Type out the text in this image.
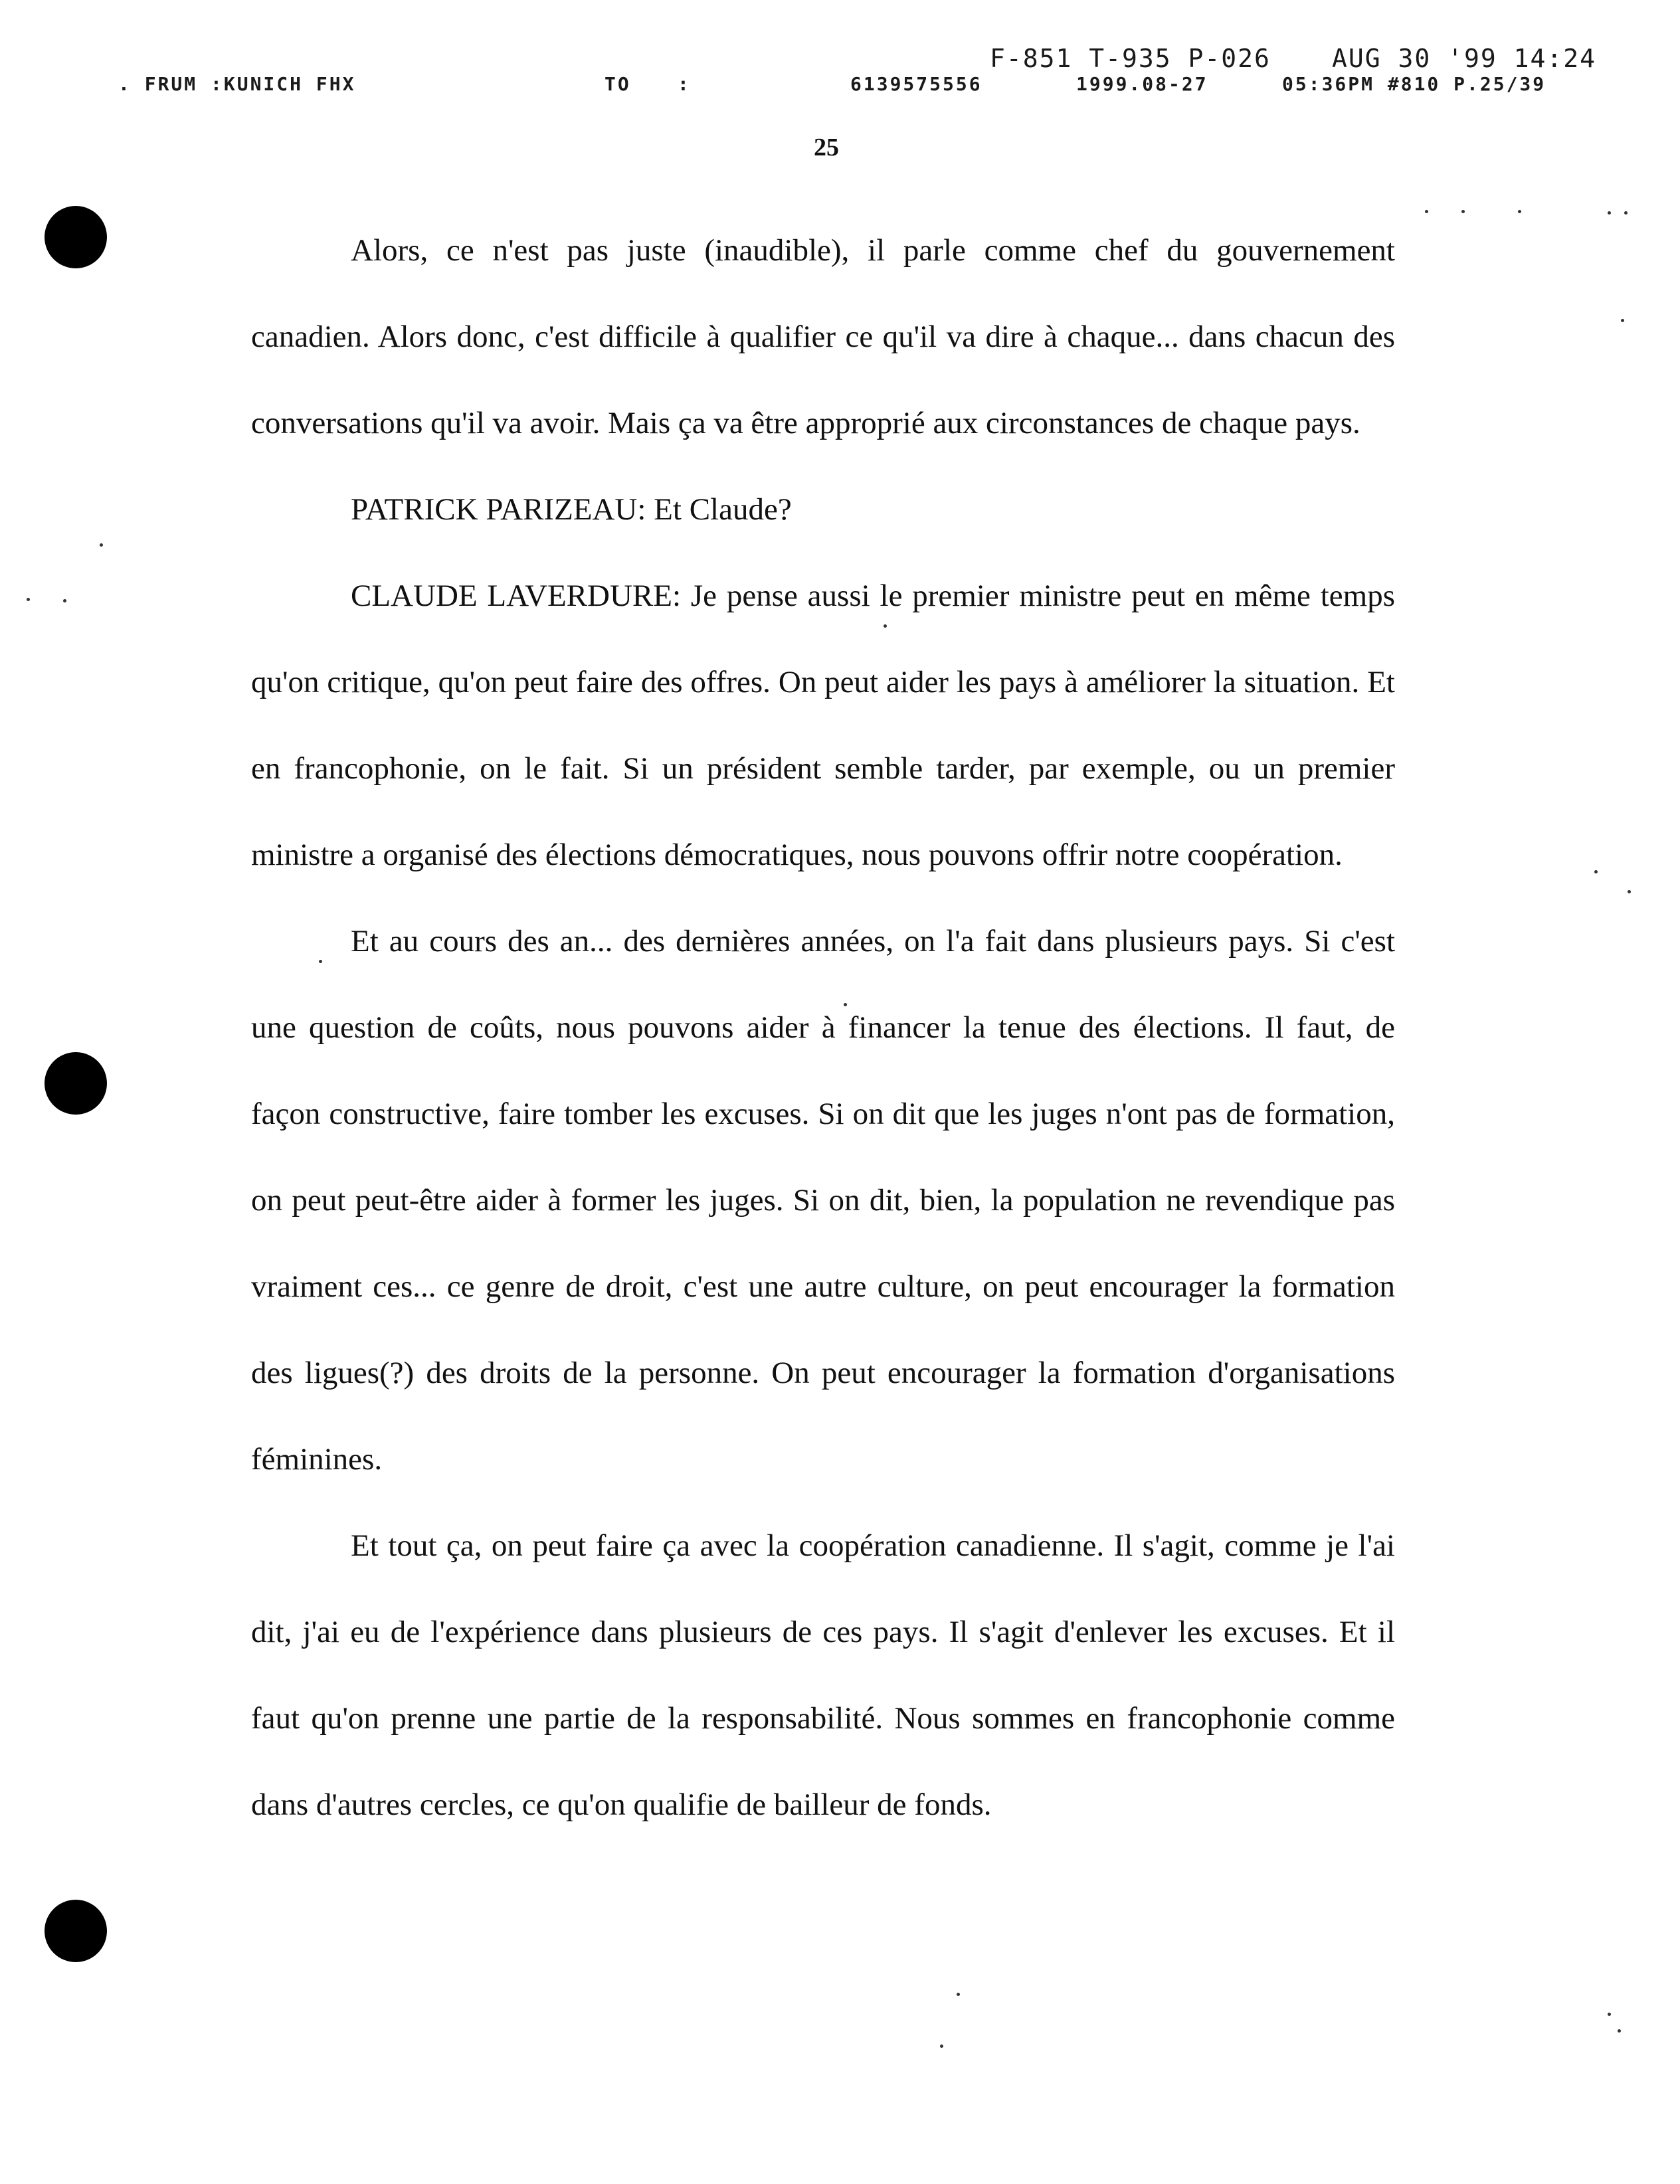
F-851 T-935 P-026 AUG 30 '99 14:24
. FRUM :KUNICH FHX	TO	:	6139575556	1999.08-27	05:36PM #810 P.25/39
25

Alors, ce n'est pas juste (inaudible), il parle comme chef du gouvernement canadien. Alors donc, c'est difficile à qualifier ce qu'il va dire à chaque... dans chacun des conversations qu'il va avoir. Mais ça va être approprié aux circonstances de chaque pays.

PATRICK PARIZEAU: Et Claude?

CLAUDE LAVERDURE: Je pense aussi le premier ministre peut en même temps qu'on critique, qu'on peut faire des offres. On peut aider les pays à améliorer la situation. Et en francophonie, on le fait. Si un président semble tarder, par exemple, ou un premier ministre a organisé des élections démocratiques, nous pouvons offrir notre coopération.

Et au cours des an... des dernières années, on l'a fait dans plusieurs pays. Si c'est une question de coûts, nous pouvons aider à financer la tenue des élections. Il faut, de façon constructive, faire tomber les excuses. Si on dit que les juges n'ont pas de formation, on peut peut-être aider à former les juges. Si on dit, bien, la population ne revendique pas vraiment ces... ce genre de droit, c'est une autre culture, on peut encourager la formation des ligues(?) des droits de la personne. On peut encourager la formation d'organisations féminines.

Et tout ça, on peut faire ça avec la coopération canadienne. Il s'agit, comme je l'ai dit, j'ai eu de l'expérience dans plusieurs de ces pays. Il s'agit d'enlever les excuses. Et il faut qu'on prenne une partie de la responsabilité. Nous sommes en francophonie comme dans d'autres cercles, ce qu'on qualifie de bailleur de fonds.
